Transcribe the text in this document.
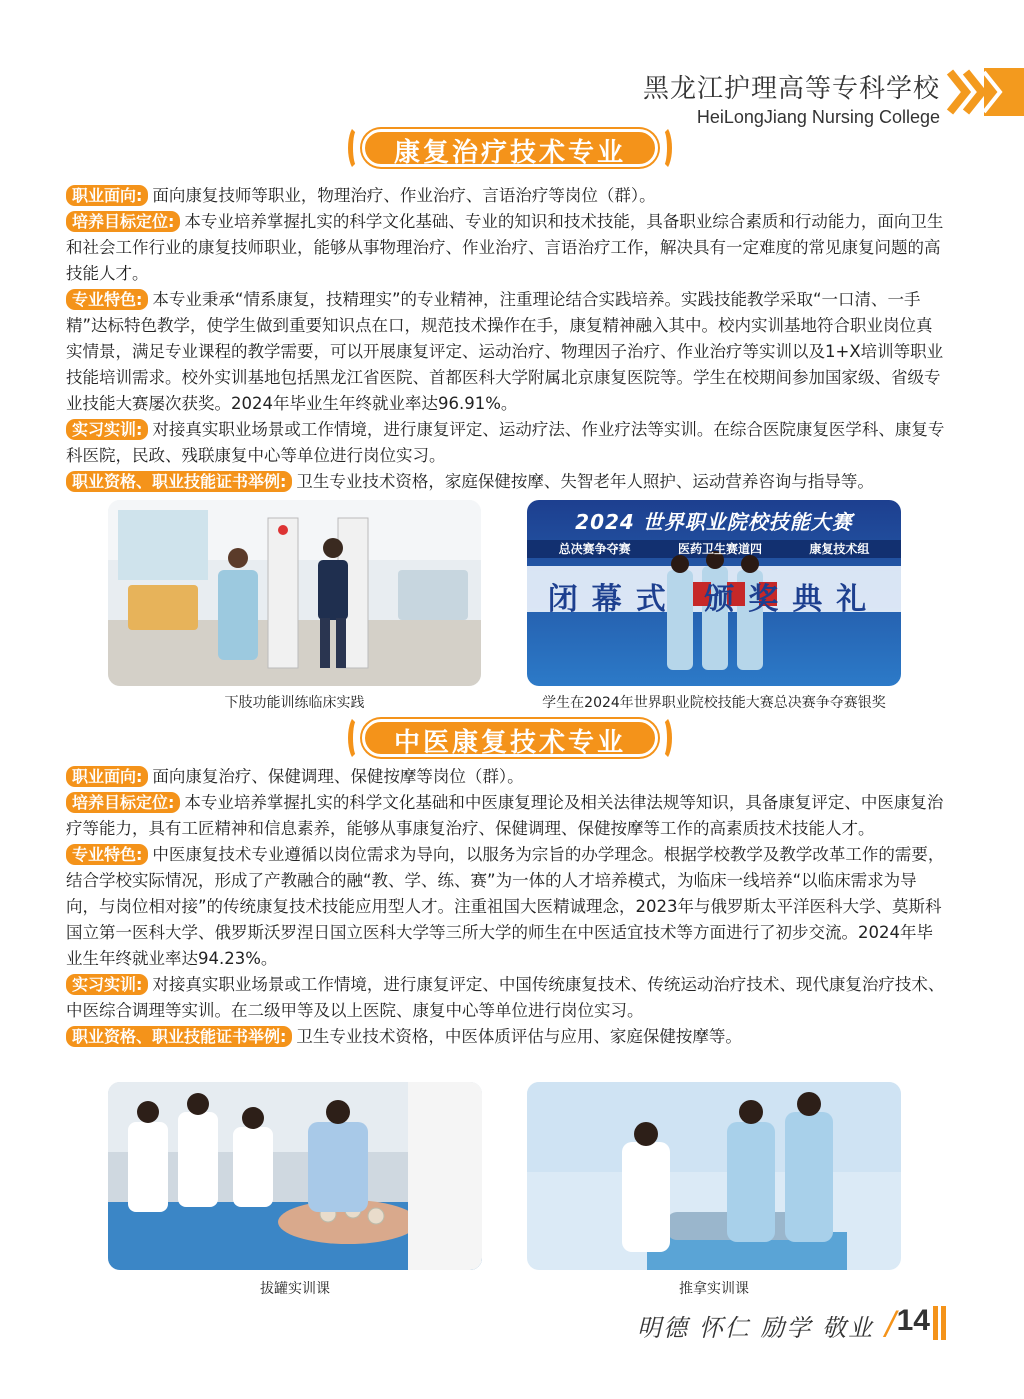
黑龙江护理高等专科学校
HeiLongJiang Nursing College
康复治疗技术专业
职业面向: 面向康复技师等职业，物理治疗、作业治疗、言语治疗等岗位（群）。
培养目标定位: 本专业培养掌握扎实的科学文化基础、专业的知识和技术技能，具备职业综合素质和行动能力，面向卫生和社会工作行业的康复技师职业，能够从事物理治疗、作业治疗、言语治疗工作，解决具有一定难度的常见康复问题的高技能人才。
专业特色: 本专业秉承“情系康复，技精理实”的专业精神，注重理论结合实践培养。实践技能教学采取“一口清、一手精”达标特色教学，使学生做到重要知识点在口，规范技术操作在手，康复精神融入其中。校内实训基地符合职业岗位真实情景，满足专业课程的教学需要，可以开展康复评定、运动治疗、物理因子治疗、作业治疗等实训以及1+X培训等职业技能培训需求。校外实训基地包括黑龙江省医院、首都医科大学附属北京康复医院等。学生在校期间参加国家级、省级专业技能大赛屡次获奖。2024年毕业生年终就业率达96.91%。
实习实训: 对接真实职业场景或工作情境，进行康复评定、运动疗法、作业疗法等实训。在综合医院康复医学科、康复专科医院，民政、残联康复中心等单位进行岗位实习。
职业资格、职业技能证书举例: 卫生专业技术资格，家庭保健按摩、失智老年人照护、运动营养咨询与指导等。
下肢功能训练临床实践
2024 世界职业院校技能大赛
总决赛争夺赛	医药卫生赛道四	康复技术组
闭幕式 颁奖典礼
学生在2024年世界职业院校技能大赛总决赛争夺赛银奖
中医康复技术专业
职业面向: 面向康复治疗、保健调理、保健按摩等岗位（群）。
培养目标定位: 本专业培养掌握扎实的科学文化基础和中医康复理论及相关法律法规等知识，具备康复评定、中医康复治疗等能力，具有工匠精神和信息素养，能够从事康复治疗、保健调理、保健按摩等工作的高素质技术技能人才。
专业特色: 中医康复技术专业遵循以岗位需求为导向，以服务为宗旨的办学理念。根据学校教学及教学改革工作的需要，结合学校实际情况，形成了产教融合的融“教、学、练、赛”为一体的人才培养模式，为临床一线培养“以临床需求为导向，与岗位相对接”的传统康复技术技能应用型人才。注重祖国大医精诚理念，2023年与俄罗斯太平洋医科大学、莫斯科国立第一医科大学、俄罗斯沃罗涅日国立医科大学等三所大学的师生在中医适宜技术等方面进行了初步交流。2024年毕业生年终就业率达94.23%。
实习实训: 对接真实职业场景或工作情境，进行康复评定、中国传统康复技术、传统运动治疗技术、现代康复治疗技术、中医综合调理等实训。在二级甲等及以上医院、康复中心等单位进行岗位实习。
职业资格、职业技能证书举例: 卫生专业技术资格，中医体质评估与应用、家庭保健按摩等。
拔罐实训课	推拿实训课
明德 怀仁 励学 敬业 / 14
